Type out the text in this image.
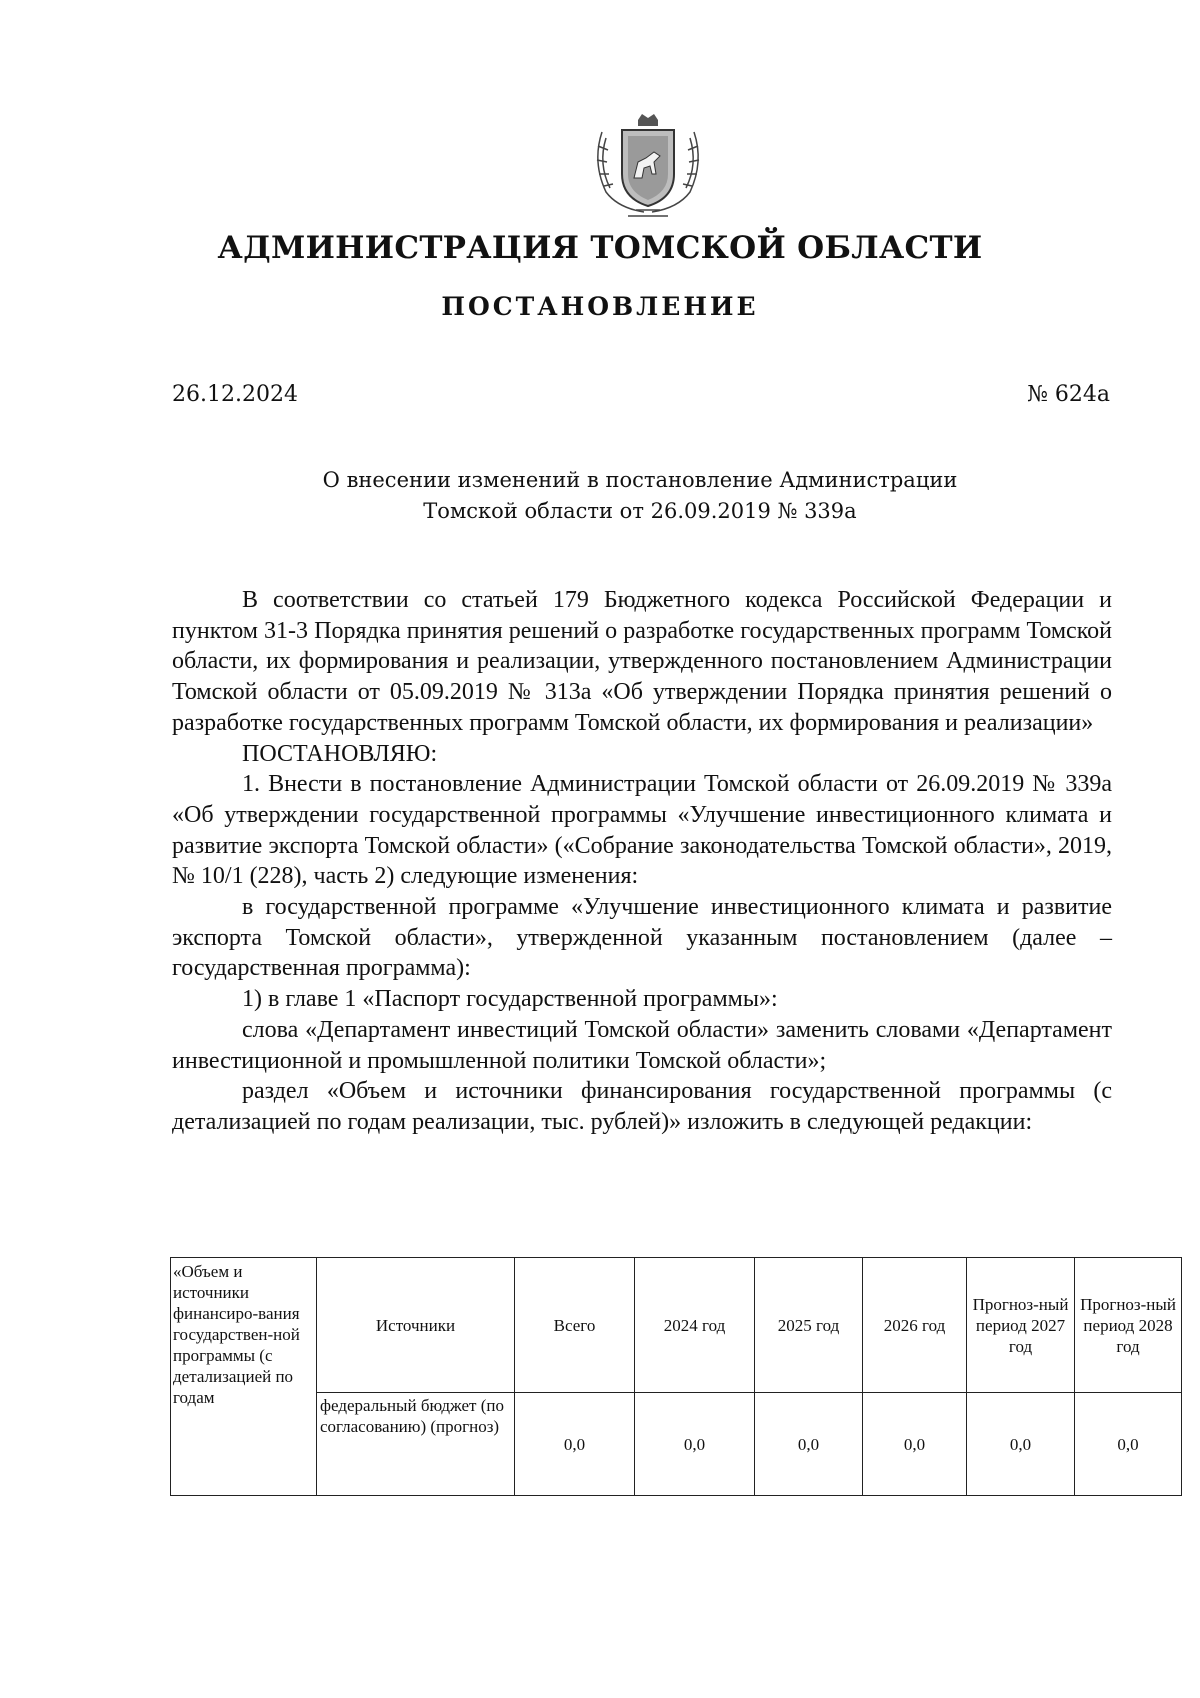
АДМИНИСТРАЦИЯ ТОМСКОЙ ОБЛАСТИ
ПОСТАНОВЛЕНИЕ
26.12.2024	№ 624а
О внесении изменений в постановление Администрации
Томской области от 26.09.2019 № 339а

В соответствии со статьей 179 Бюджетного кодекса Российской Федерации и пунктом 31-3 Порядка принятия решений о разработке государственных программ Томской области, их формирования и реализации, утвержденного постановлением Администрации Томской области от 05.09.2019 № 313а «Об утверждении Порядка принятия решений о разработке государственных программ Томской области, их формирования и реализации»

ПОСТАНОВЛЯЮ:

1. Внести в постановление Администрации Томской области от 26.09.2019 № 339а «Об утверждении государственной программы «Улучшение инвестиционного климата и развитие экспорта Томской области» («Собрание законодательства Томской области», 2019, № 10/1 (228), часть 2) следующие изменения:

в государственной программе «Улучшение инвестиционного климата и развитие экспорта Томской области», утвержденной указанным постановлением (далее – государственная программа):

1) в главе 1 «Паспорт государственной программы»:

слова «Департамент инвестиций Томской области» заменить словами «Департамент инвестиционной и промышленной политики Томской области»;

раздел «Объем и источники финансирования государственной программы (с детализацией по годам реализации, тыс. рублей)» изложить в следующей редакции:

«Объем и источники финансиро-вания государствен-ной программы (с детализацией по годам	Источники	Всего	2024 год	2025 год	2026 год	Прогноз-ный период 2027 год	Прогноз-ный период 2028 год
	федеральный бюджет (по согласованию) (прогноз)	0,0	0,0	0,0	0,0	0,0	0,0
